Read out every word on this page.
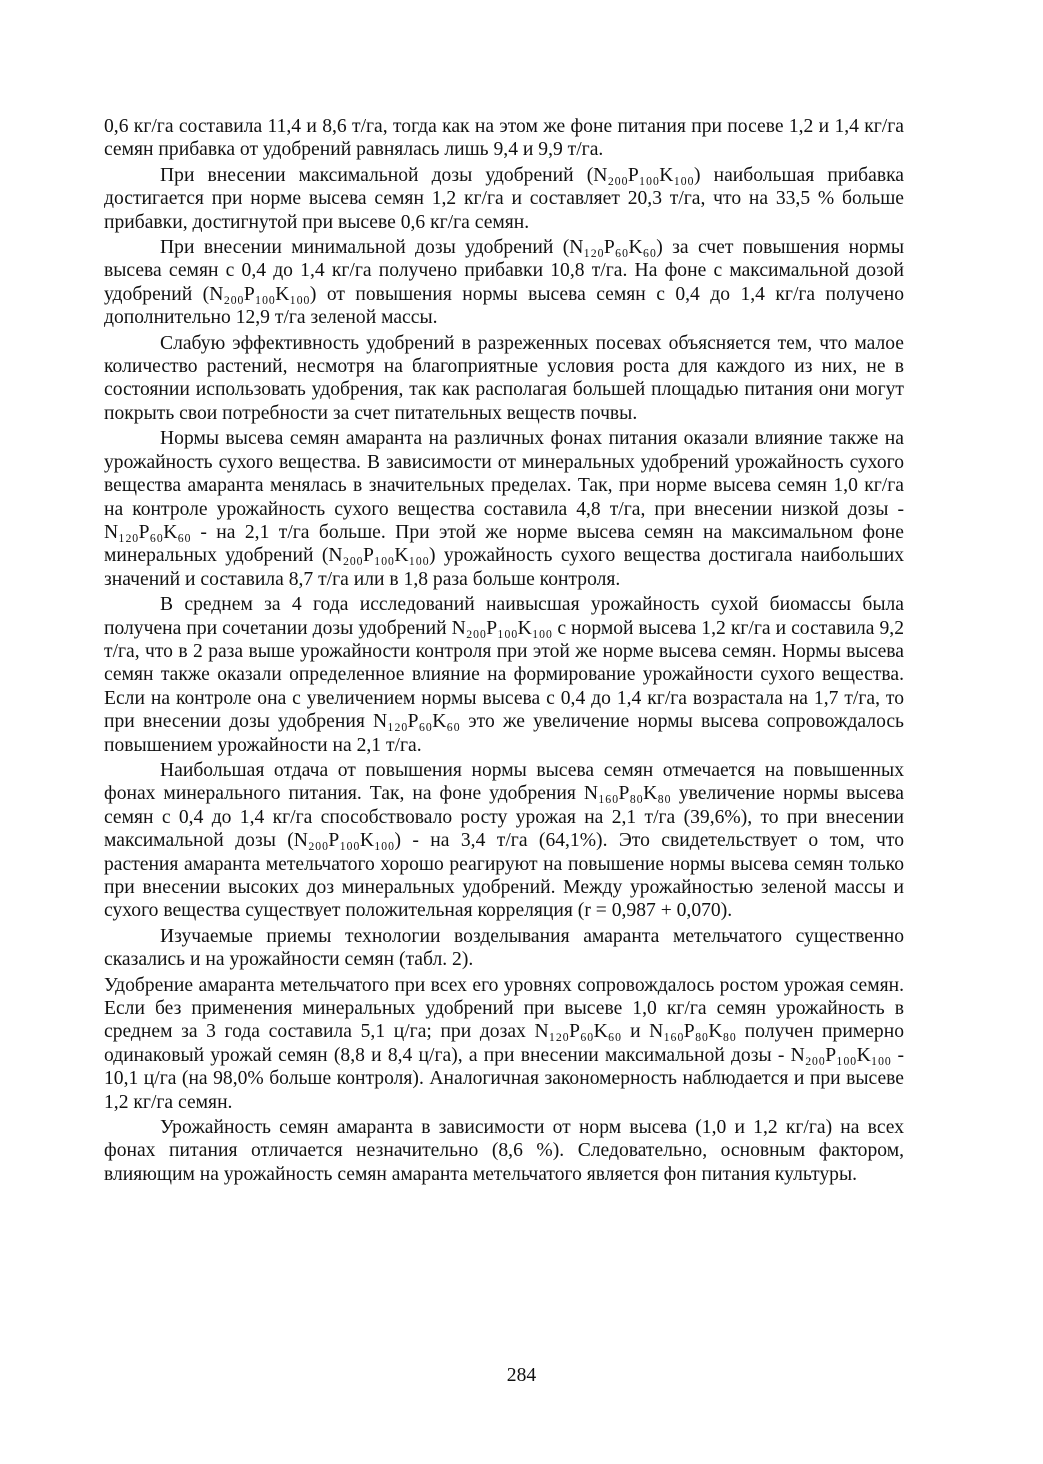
0,6 кг/га составила 11,4 и 8,6 т/га, тогда как на этом же фоне питания при посеве 1,2 и 1,4 кг/га семян прибавка от удобрений равнялась лишь 9,4 и 9,9 т/га.

При внесении максимальной дозы удобрений (N₂₀₀P₁₀₀K₁₀₀) наибольшая прибавка достигается при норме высева семян 1,2 кг/га и составляет 20,3 т/га, что на 33,5 % больше прибавки, достигнутой при высеве 0,6 кг/га семян.

При внесении минимальной дозы удобрений (N₁₂₀P₆₀K₆₀) за счет повышения нормы высева семян с 0,4 до 1,4 кг/га получено прибавки 10,8 т/га. На фоне с максимальной дозой удобрений (N₂₀₀P₁₀₀K₁₀₀) от повышения нормы высева семян с 0,4 до 1,4 кг/га получено дополнительно 12,9 т/га зеленой массы.

Слабую эффективность удобрений в разреженных посевах объясняется тем, что малое количество растений, несмотря на благоприятные условия роста для каждого из них, не в состоянии использовать удобрения, так как располагая большей площадью питания они могут покрыть свои потребности за счет питательных веществ почвы.

Нормы высева семян амаранта на различных фонах питания оказали влияние также на урожайность сухого вещества. В зависимости от минеральных удобрений урожайность сухого вещества амаранта менялась в значительных пределах. Так, при норме высева семян 1,0 кг/га на контроле урожайность сухого вещества составила 4,8 т/га, при внесении низкой дозы - N₁₂₀P₆₀K₆₀ - на 2,1 т/га больше. При этой же норме высева семян на максимальном фоне минеральных удобрений (N₂₀₀P₁₀₀K₁₀₀) урожайность сухого вещества достигала наибольших значений и составила 8,7 т/га или в 1,8 раза больше контроля.

В среднем за 4 года исследований наивысшая урожайность сухой биомассы была получена при сочетании дозы удобрений N₂₀₀P₁₀₀K₁₀₀ с нормой высева 1,2 кг/га и составила 9,2 т/га, что в 2 раза выше урожайности контроля при этой же норме высева семян. Нормы высева семян также оказали определенное влияние на формирование урожайности сухого вещества. Если на контроле она с увеличением нормы высева с 0,4 до 1,4 кг/га возрастала на 1,7 т/га, то при внесении дозы удобрения N₁₂₀P₆₀K₆₀ это же увеличение нормы высева сопровождалось повышением урожайности на 2,1 т/га.

Наибольшая отдача от повышения нормы высева семян отмечается на повышенных фонах минерального питания. Так, на фоне удобрения N₁₆₀P₈₀K₈₀ увеличение нормы высева семян с 0,4 до 1,4 кг/га способствовало росту урожая на 2,1 т/га (39,6%), то при внесении максимальной дозы (N₂₀₀P₁₀₀K₁₀₀) - на 3,4 т/га (64,1%). Это свидетельствует о том, что растения амаранта метельчатого хорошо реагируют на повышение нормы высева семян только при внесении высоких доз минеральных удобрений. Между урожайностью зеленой массы и сухого вещества существует положительная корреляция (r = 0,987 + 0,070).

Изучаемые приемы технологии возделывания амаранта метельчатого существенно сказались и на урожайности семян (табл. 2).

Удобрение амаранта метельчатого при всех его уровнях сопровождалось ростом урожая семян. Если без применения минеральных удобрений при высеве 1,0 кг/га семян урожайность в среднем за 3 года составила 5,1 ц/га; при дозах N₁₂₀P₆₀K₆₀ и N₁₆₀P₈₀K₈₀ получен примерно одинаковый урожай семян (8,8 и 8,4 ц/га), а при внесении максимальной дозы - N₂₀₀P₁₀₀K₁₀₀ - 10,1 ц/га (на 98,0% больше контроля). Аналогичная закономерность наблюдается и при высеве 1,2 кг/га семян.

Урожайность семян амаранта в зависимости от норм высева (1,0 и 1,2 кг/га) на всех фонах питания отличается незначительно (8,6 %). Следовательно, основным фактором, влияющим на урожайность семян амаранта метельчатого является фон питания культуры.

284
